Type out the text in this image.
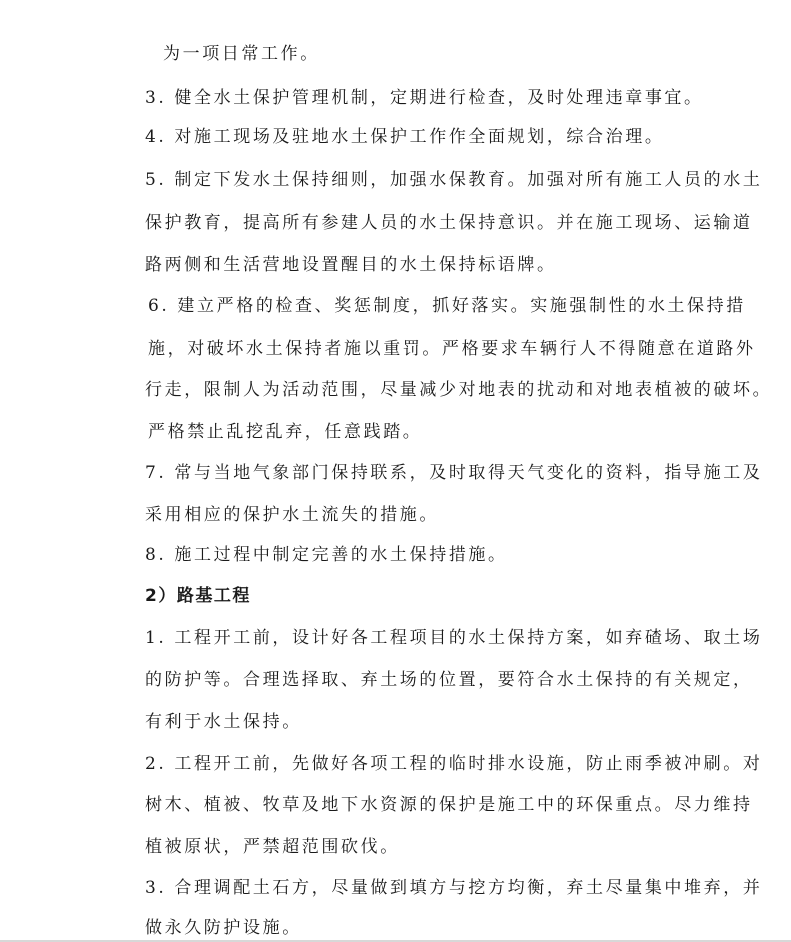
为一项日常工作。
3. 健全水土保护管理机制，定期进行检查，及时处理违章事宜。
4. 对施工现场及驻地水土保护工作作全面规划，综合治理。
5. 制定下发水土保持细则，加强水保教育。加强对所有施工人员的水土
保护教育，提高所有参建人员的水土保持意识。并在施工现场、运输道
路两侧和生活营地设置醒目的水土保持标语牌。
6. 建立严格的检查、奖惩制度，抓好落实。实施强制性的水土保持措
施，对破坏水土保持者施以重罚。严格要求车辆行人不得随意在道路外
行走，限制人为活动范围，尽量减少对地表的扰动和对地表植被的破坏。
严格禁止乱挖乱弃，任意践踏。
7. 常与当地气象部门保持联系，及时取得天气变化的资料，指导施工及
采用相应的保护水土流失的措施。
8. 施工过程中制定完善的水土保持措施。
2）路基工程
1. 工程开工前，设计好各工程项目的水土保持方案，如弃碴场、取土场
的防护等。合理选择取、弃土场的位置，要符合水土保持的有关规定，
有利于水土保持。
2. 工程开工前，先做好各项工程的临时排水设施，防止雨季被冲刷。对
树木、植被、牧草及地下水资源的保护是施工中的环保重点。尽力维持
植被原状，严禁超范围砍伐。
3. 合理调配土石方，尽量做到填方与挖方均衡，弃土尽量集中堆弃，并
做永久防护设施。
